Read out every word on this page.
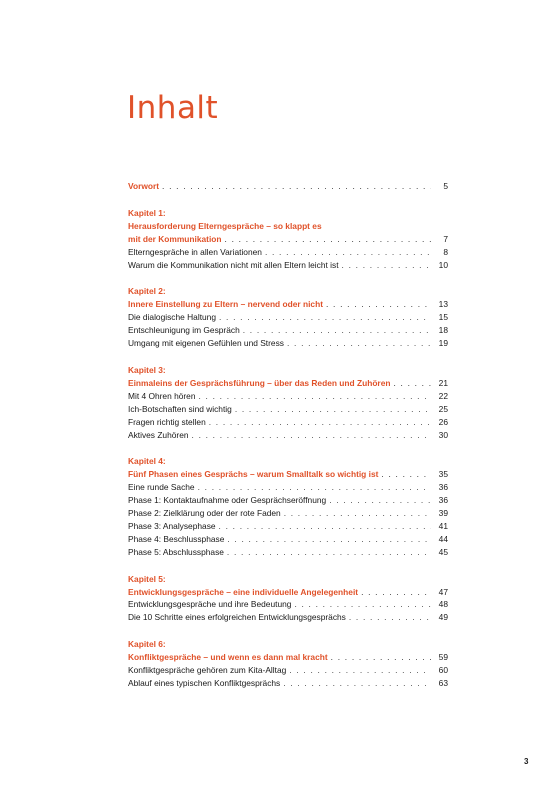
Inhalt
Vorwort . . .	5
Kapitel 1:
Herausforderung Elterngespräche – so klappt es
mit der Kommunikation . . .	7
Elterngespräche in allen Variationen . . .	8
Warum die Kommunikation nicht mit allen Eltern leicht ist . . .	10
Kapitel 2:
Innere Einstellung zu Eltern – nervend oder nicht . . .	13
Die dialogische Haltung . . .	15
Entschleunigung im Gespräch . . .	18
Umgang mit eigenen Gefühlen und Stress . . .	19
Kapitel 3:
Einmaleins der Gesprächsführung – über das Reden und Zuhören . . .	21
Mit 4 Ohren hören . . .	22
Ich-Botschaften sind wichtig . . .	25
Fragen richtig stellen . . .	26
Aktives Zuhören . . .	30
Kapitel 4:
Fünf Phasen eines Gesprächs – warum Smalltalk so wichtig ist . . .	35
Eine runde Sache . . .	36
Phase 1: Kontaktaufnahme oder Gesprächseröffnung . . .	36
Phase 2: Zielklärung oder der rote Faden . . .	39
Phase 3: Analysephase . . .	41
Phase 4: Beschlussphase . . .	44
Phase 5: Abschlussphase . . .	45
Kapitel 5:
Entwicklungsgespräche – eine individuelle Angelegenheit . . .	47
Entwicklungsgespräche und ihre Bedeutung . . .	48
Die 10 Schritte eines erfolgreichen Entwicklungsgesprächs . . .	49
Kapitel 6:
Konfliktgespräche – und wenn es dann mal kracht . . .	59
Konfliktgespräche gehören zum Kita-Alltag . . .	60
Ablauf eines typischen Konfliktgesprächs . . .	63
3
